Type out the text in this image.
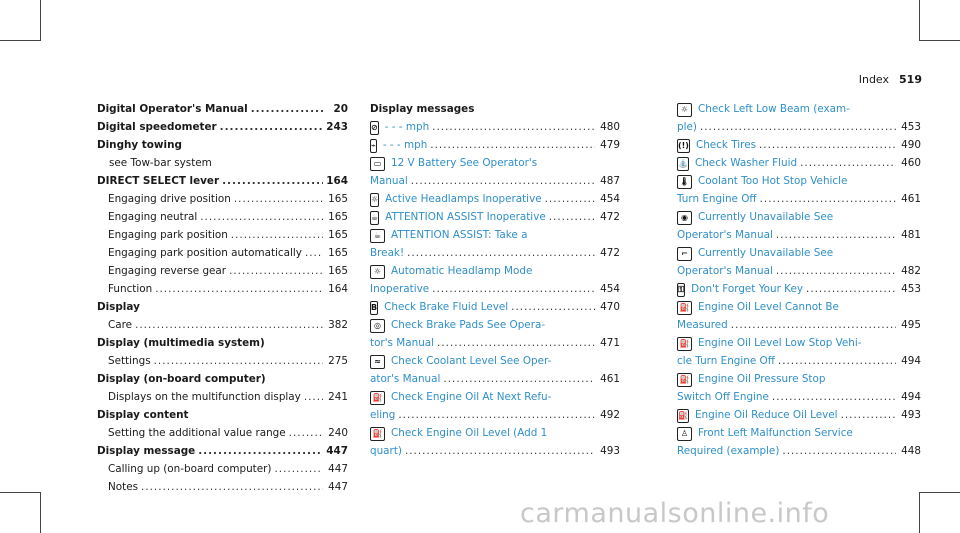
Index 519
Digital Operator's Manual .....	20
Digital speedometer .....	243
Dinghy towing
see Tow-bar system
DIRECT SELECT lever .....	164
Engaging drive position .....	165
Engaging neutral .....	165
Engaging park position .....	165
Engaging park position automatically .....	165
Engaging reverse gear .....	165
Function .....	164
Display
Care .....	382
Display (multimedia system)
Settings .....	275
Display (on-board computer)
Displays on the multifunction display .....	241
Display content
Setting the additional value range .....	240
Display message .....	447
Calling up (on-board computer) .....	447
Notes .....	447
Display messages
⊘ - - - mph .....	480
⌁ - - - mph .....	479
▭ 12 V Battery See Operator's
Manual .....	487
☼ Active Headlamps Inoperative .....	454
☕ ATTENTION ASSIST Inoperative .....	472
☕ ATTENTION ASSIST: Take a
Break! .....	472
☼ Automatic Headlamp Mode
Inoperative .....	454
B Check Brake Fluid Level .....	470
◎ Check Brake Pads See Opera-
tor's Manual .....	471
≈ Check Coolant Level See Oper-
ator's Manual .....	461
⛽ Check Engine Oil At Next Refu-
eling .....	492
⛽ Check Engine Oil Level (Add 1
quart) .....	493
☼ Check Left Low Beam (exam-
ple) .....	453
(!) Check Tires .....	490
⛲ Check Washer Fluid .....	460
🌡 Coolant Too Hot Stop Vehicle
Turn Engine Off .....	461
◉ Currently Unavailable See
Operator's Manual .....	481
⌐ Currently Unavailable See
Operator's Manual .....	482
⚿ Don't Forget Your Key .....	453
⛽ Engine Oil Level Cannot Be
Measured .....	495
⛽ Engine Oil Level Low Stop Vehi-
cle Turn Engine Off .....	494
⛽ Engine Oil Pressure Stop
Switch Off Engine .....	494
⛽ Engine Oil Reduce Oil Level .....	493
♙ Front Left Malfunction Service
Required (example) .....	448
carmanualsonline.info
